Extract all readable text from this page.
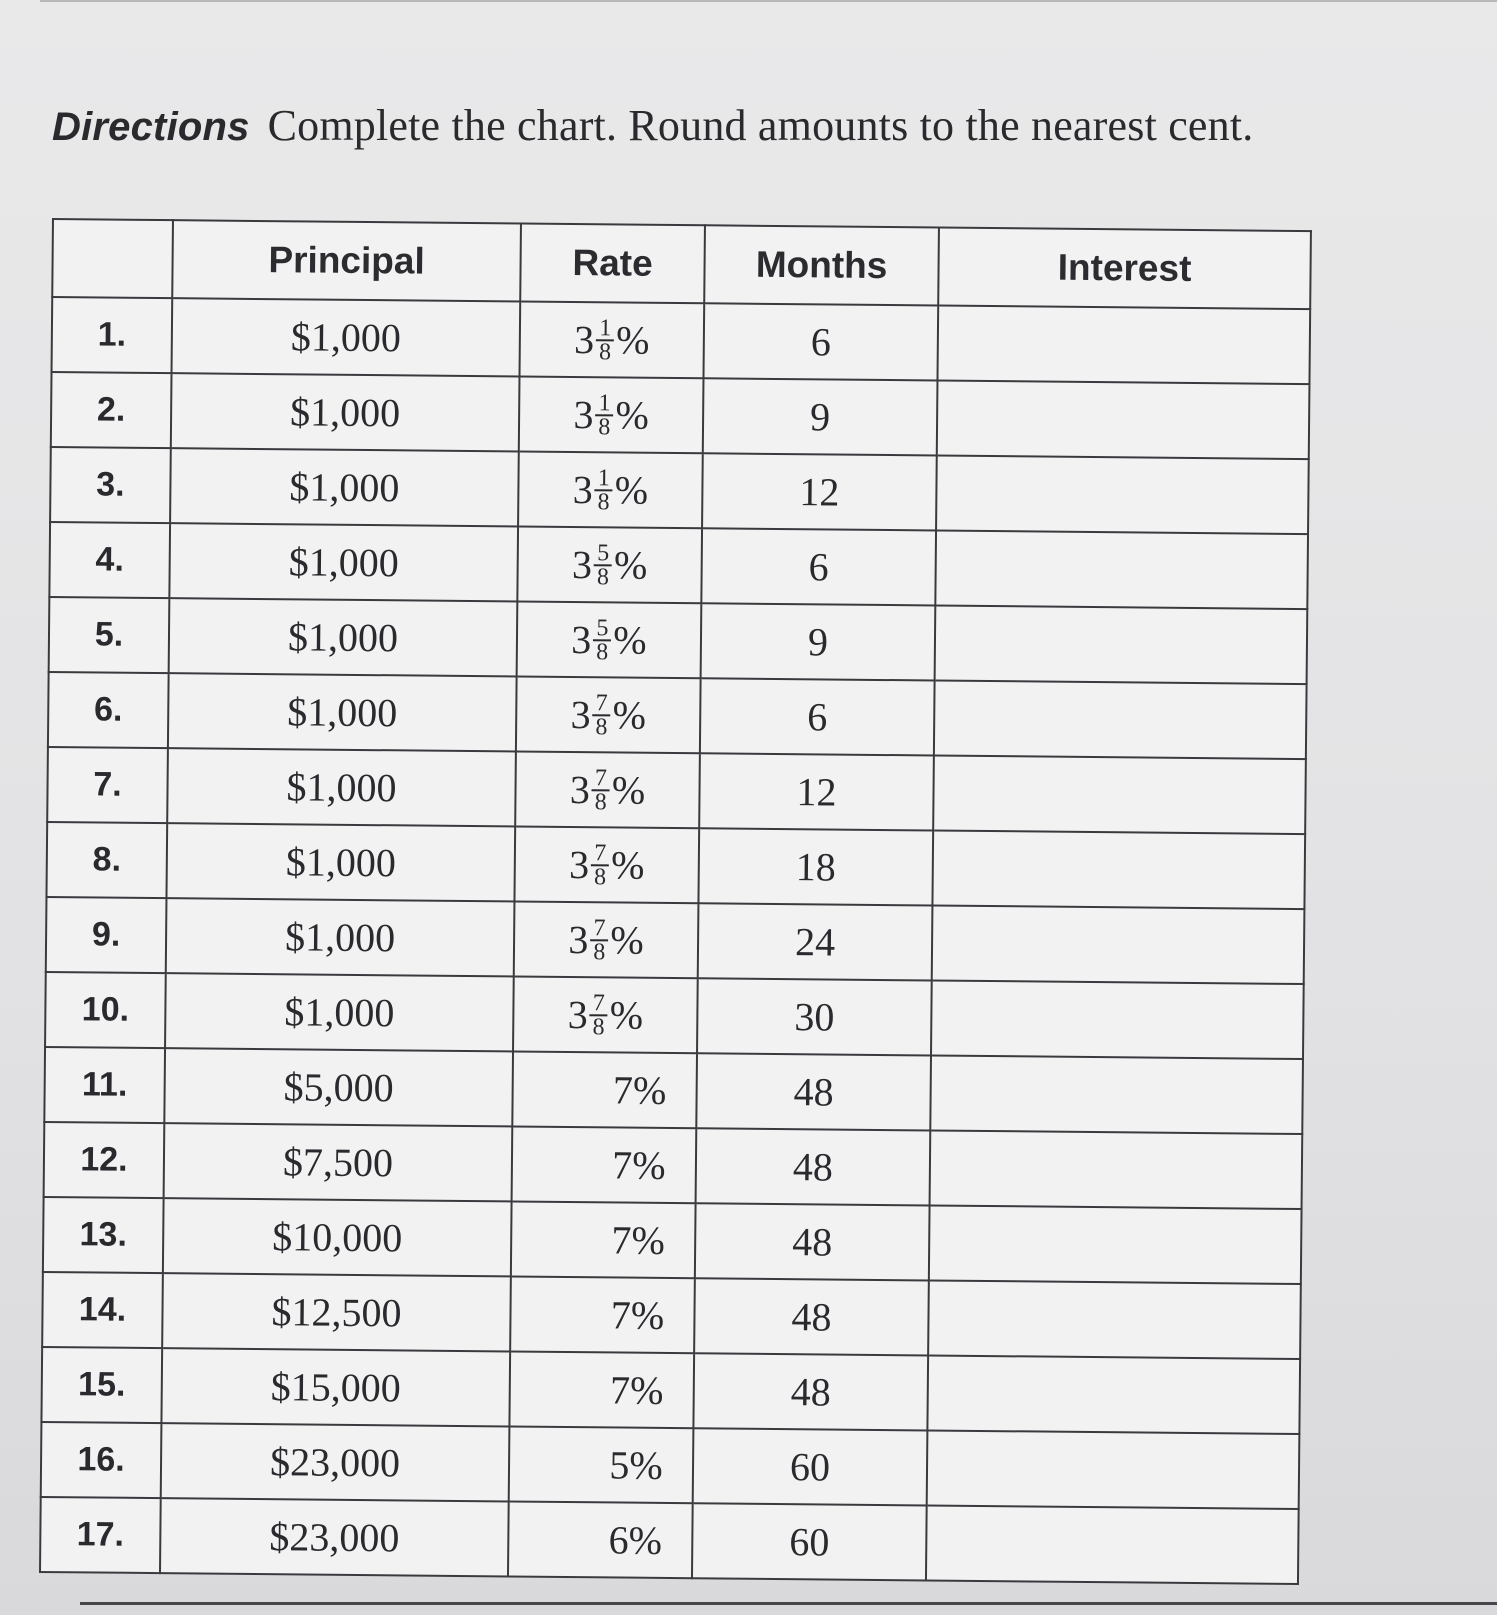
Directions Complete the chart. Round amounts to the nearest cent.
	Principal	Rate	Months	Interest
1.	$1,000	$3 \frac{1}{8}$ %	6	
2.	$1,000	$3 \frac{1}{8}$ %	9	
3.	$1,000	$3 \frac{1}{8}$ %	12	
4.	$1,000	$3 \frac{5}{8}$ %	6	
5.	$1,000	$3 \frac{5}{8}$ %	9	
6.	$1,000	$3 \frac{7}{8}$ %	6	
7.	$1,000	$3 \frac{7}{8}$ %	12	
8.	$1,000	$3 \frac{7}{8}$ %	18	
9.	$1,000	$3 \frac{7}{8}$ %	24	
10.	$1,000	$3 \frac{7}{8}$ %	30	
11.	$5,000	7%	48	
12.	$7,500	7%	48	
13.	$10,000	7%	48	
14.	$12,500	7%	48	
15.	$15,000	7%	48	
16.	$23,000	5%	60	
17.	$23,000	6%	60	
